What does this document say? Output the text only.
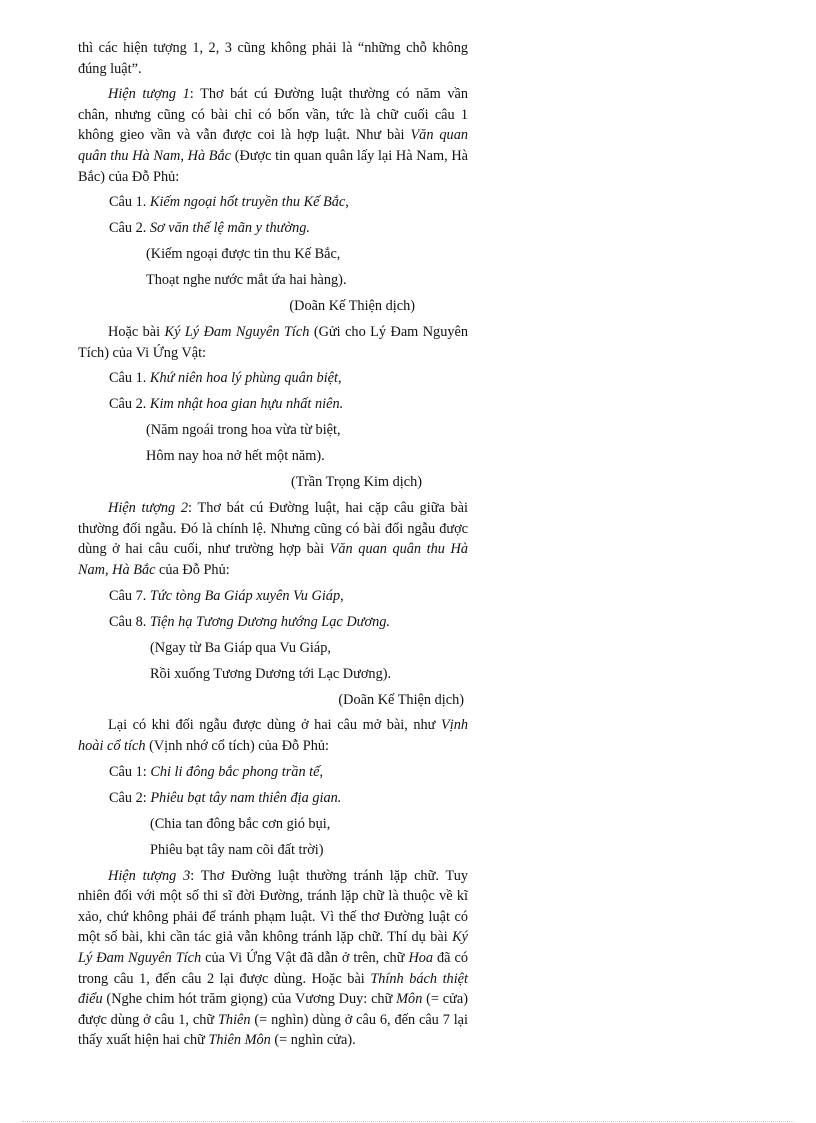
thì các hiện tượng 1, 2, 3 cũng không phải là “những chỗ không đúng luật”.

Hiện tượng 1: Thơ bát cú Đường luật thường có năm vần chân, nhưng cũng có bài chỉ có bốn vần, tức là chữ cuối câu 1 không gieo vần và vẫn được coi là hợp luật. Như bài Văn quan quân thu Hà Nam, Hà Bắc (Được tin quan quân lấy lại Hà Nam, Hà Bắc) của Đỗ Phủ:

Câu 1. Kiếm ngoại hốt truyền thu Kế Bắc,
Câu 2. Sơ văn thế lệ mãn y thường.
(Kiếm ngoại được tin thu Kế Bắc,
Thoạt nghe nước mắt ứa hai hàng).
(Doãn Kế Thiện dịch)

Hoặc bài Ký Lý Đam Nguyên Tích (Gửi cho Lý Đam Nguyên Tích) của Vi Ứng Vật:

Câu 1. Khứ niên hoa lý phùng quân biệt,
Câu 2. Kim nhật hoa gian hựu nhất niên.
(Năm ngoái trong hoa vừa từ biệt,
Hôm nay hoa nở hết một năm).
(Trần Trọng Kim dịch)

Hiện tượng 2: Thơ bát cú Đường luật, hai cặp câu giữa bài thường đối ngẫu. Đó là chính lệ. Nhưng cũng có bài đối ngẫu được dùng ở hai câu cuối, như trường hợp bài Văn quan quân thu Hà Nam, Hà Bắc của Đỗ Phủ:

Câu 7. Tức tòng Ba Giáp xuyên Vu Giáp,
Câu 8. Tiện hạ Tương Dương hướng Lạc Dương.
(Ngay từ Ba Giáp qua Vu Giáp,
Rồi xuống Tương Dương tới Lạc Dương).
(Doãn Kế Thiện dịch)

Lại có khi đối ngẫu được dùng ở hai câu mở bài, như Vịnh hoài cổ tích (Vịnh nhớ cổ tích) của Đỗ Phủ:

Câu 1: Chi li đông bắc phong trần tế,
Câu 2: Phiêu bạt tây nam thiên địa gian.
(Chia tan đông bắc cơn gió bụi,
Phiêu bạt tây nam cõi đất trời)

Hiện tượng 3: Thơ Đường luật thường tránh lặp chữ. Tuy nhiên đối với một số thi sĩ đời Đường, tránh lặp chữ là thuộc về kĩ xảo, chứ không phải để tránh phạm luật. Vì thế thơ Đường luật có một số bài, khi cần tác giả vẫn không tránh lặp chữ. Thí dụ bài Ký Lý Đam Nguyên Tích của Vi Ứng Vật đã dẫn ở trên, chữ Hoa đã có trong câu 1, đến câu 2 lại được dùng. Hoặc bài Thính bách thiệt điểu (Nghe chim hót trăm giọng) của Vương Duy: chữ Môn (= cửa) được dùng ở câu 1, chữ Thiên (= nghìn) dùng ở câu 6, đến câu 7 lại thấy xuất hiện hai chữ Thiên Môn (= nghìn cửa).
